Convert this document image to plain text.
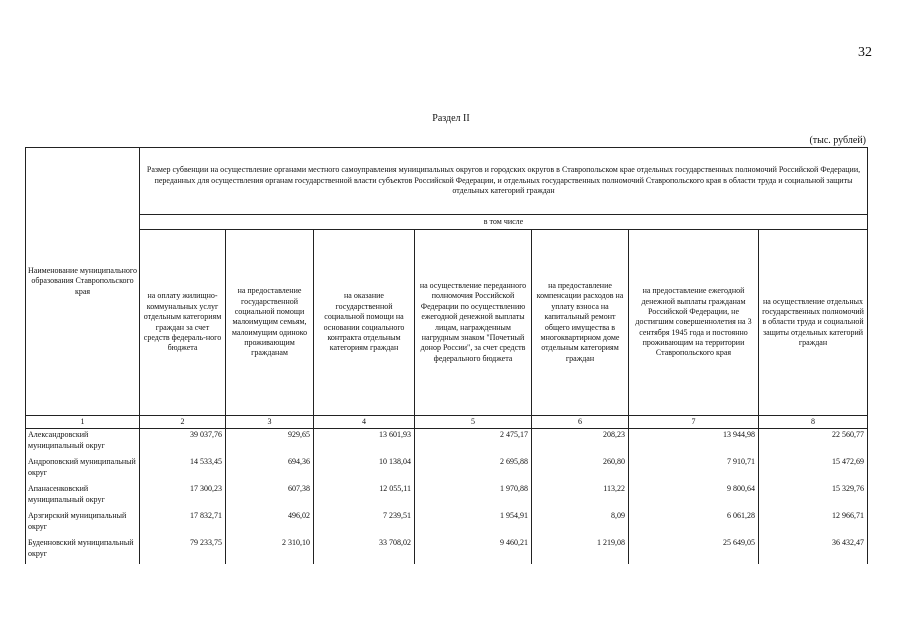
32
Раздел II
(тыс. рублей)
Наименование муниципального образования Ставропольского края	Размер субвенции на осуществление органами местного самоуправления муниципальных округов и городских округов в Ставропольском крае отдельных государственных полномочий Российской Федерации, переданных для осуществления органам государственной власти субъектов Российской Федерации, и отдельных государственных полномочий Ставропольского края в области труда и социальной защиты отдельных категорий граждан						
	в том числе						
	на оплату жилищно-коммунальных услуг отдельным категориям граждан за счет средств федераль-ного бюджета	на предоставление государственной социальной помощи малоимущим семьям, малоимущим одиноко проживающим гражданам	на оказание государственной социальной помощи на основании социального контракта отдельным категориям граждан	на осуществление переданного полномочия Российской Федерации по осуществлению ежегодной денежной выплаты лицам, награжденным нагрудным знаком "Почетный донор России", за счет средств федерального бюджета	на предоставление компенсации расходов на уплату взноса на капитальный ремонт общего имущества в многоквартирном доме отдельным категориям граждан	на предоставление ежегодной денежной выплаты гражданам Российской Федерации, не достигшим совершеннолетия на 3 сентября 1945 года и постоянно проживающим на территории Ставропольского края	на осуществление отдельных государственных полномочий в области труда и социальной защиты отдельных категорий граждан
1	2	3	4	5	6	7	8
Александровский муниципальный округ	39 037,76	929,65	13 601,93	2 475,17	208,23	13 944,98	22 560,77
Андроповский муниципальный округ	14 533,45	694,36	10 138,04	2 695,88	260,80	7 910,71	15 472,69
Апанасенковский муниципальный округ	17 300,23	607,38	12 055,11	1 970,88	113,22	9 800,64	15 329,76
Арзгирский муниципальный округ	17 832,71	496,02	7 239,51	1 954,91	8,09	6 061,28	12 966,71
Буденновский муниципальный округ	79 233,75	2 310,10	33 708,02	9 460,21	1 219,08	25 649,05	36 432,47
